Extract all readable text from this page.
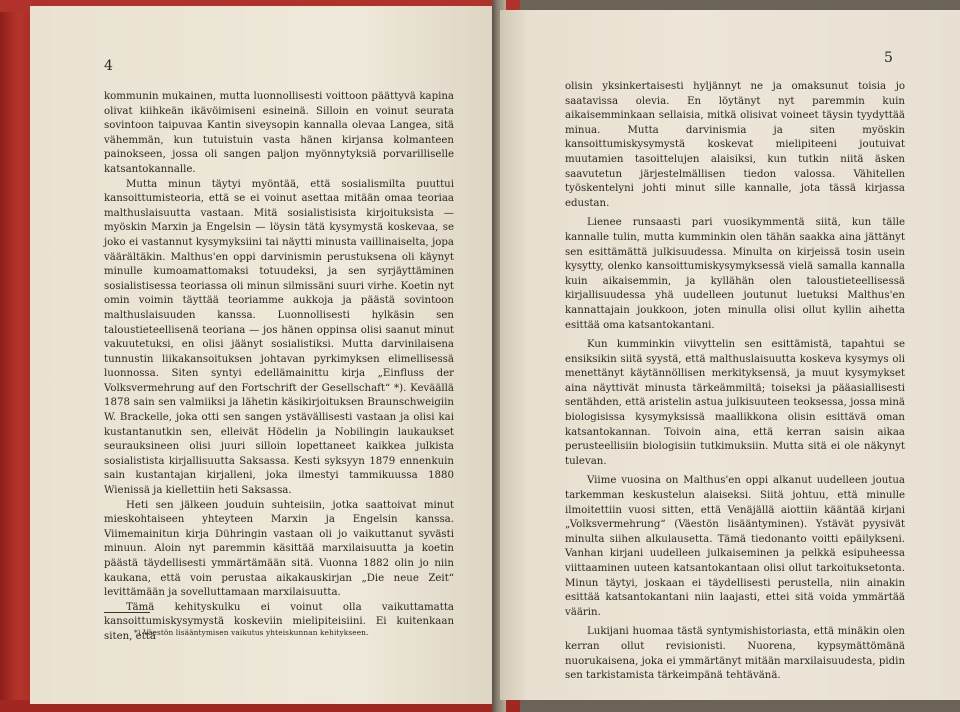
4

kommunin mukainen, mutta luonnollisesti voittoon päättyvä kapina olivat kiihkeän ikävöimiseni esineinä. Silloin en voinut seurata sovintoon taipuvaa Kantin siveysopin kannalla olevaa Langea, sitä vähemmän, kun tutuistuin vasta hänen kirjansa kolmanteen painokseen, jossa oli sangen paljon myönnytyksiä porvarilliselle katsantokannalle.

Mutta minun täytyi myöntää, että sosialismilta puuttui kansoittumisteoria, että se ei voinut asettaa mitään omaa teoriaa malthuslaisuutta vastaan. Mitä sosialistisista kirjoituksista — myöskin Marxin ja Engelsin — löysin tätä kysymystä koskevaa, se joko ei vastannut kysymyksiini tai näytti minusta vaillinaiselta, jopa väärältäkin. Malthus'en oppi darvinismin perustuksena oli käynyt minulle kumoamattomaksi totuudeksi, ja sen syrjäyttäminen sosialistisessa teoriassa oli minun silmissäni suuri virhe. Koetin nyt omin voimin täyttää teoriamme aukkoja ja päästä sovintoon malthuslaisuuden kanssa. Luonnollisesti hylkäsin sen taloustieteellisenä teoriana — jos hänen oppinsa olisi saanut minut vakuutetuksi, en olisi jäänyt sosialistiksi. Mutta darvinilaisena tunnustin liikakansoituksen johtavan pyrkimyksen elimellisessä luonnossa. Siten syntyi edellämainittu kirja „Einfluss der Volksvermehrung auf den Fortschrift der Gesellschaft“ *). Keväällä 1878 sain sen valmiiksi ja lähetin käsikirjoituksen Braunschweigiin W. Brackelle, joka otti sen sangen ystävällisesti vastaan ja olisi kai kustantanutkin sen, elleivät Hödelin ja Nobilingin laukaukset seurauksineen olisi juuri silloin lopettaneet kaikkea julkista sosialistista kirjallisuutta Saksassa. Kesti syksyyn 1879 ennenkuin sain kustantajan kirjalleni, joka ilmestyi tammikuussa 1880 Wienissä ja kiellettiin heti Saksassa.

Heti sen jälkeen jouduin suhteisiin, jotka saattoivat minut mieskohtaiseen yhteyteen Marxin ja Engelsin kanssa. Viimemainitun kirja Dühringin vastaan oli jo vaikuttanut syvästi minuun. Aloin nyt paremmin käsittää marxilaisuutta ja koetin päästä täydellisesti ymmärtämään sitä. Vuonna 1882 olin jo niin kaukana, että voin perustaa aikakauskirjan „Die neue Zeit“ levittämään ja sovelluttamaan marxilaisuutta.

Tämä kehityskulku ei voinut olla vaikuttamatta kansoittumiskysymystä koskeviin mielipiteisiini. Ei kuitenkaan siten, että

*) Väestön lisääntymisen vaikutus yhteiskunnan kehitykseen.
5

olisin yksinkertaisesti hyljännyt ne ja omaksunut toisia jo saatavissa olevia. En löytänyt nyt paremmin kuin aikaisemminkaan sellaisia, mitkä olisivat voineet täysin tyydyttää minua. Mutta darvinismia ja siten myöskin kansoittumiskysymystä koskevat mielipiteeni joutuivat muutamien tasoittelujen alaisiksi, kun tutkin niitä äsken saavutetun järjestelmällisen tiedon valossa. Vähitellen työskentelyni johti minut sille kannalle, jota tässä kirjassa edustan.

Lienee runsaasti pari vuosikymmentä siitä, kun tälle kannalle tulin, mutta kumminkin olen tähän saakka aina jättänyt sen esittämättä julkisuudessa. Minulta on kirjeissä tosin usein kysytty, olenko kansoittumiskysymyksessä vielä samalla kannalla kuin aikaisemmin, ja kyllähän olen taloustieteellisessä kirjallisuudessa yhä uudelleen joutunut luetuksi Malthus'en kannattajain joukkoon, joten minulla olisi ollut kyllin aihetta esittää oma katsantokantani.

Kun kumminkin viivyttelin sen esittämistä, tapahtui se ensiksikin siitä syystä, että malthuslaisuutta koskeva kysymys oli menettänyt käytännöllisen merkityksensä, ja muut kysymykset aina näyttivät minusta tärkeämmiltä; toiseksi ja pääasiallisesti sentähden, että aristelin astua julkisuuteen teoksessa, jossa minä biologisissa kysymyksissä maallikkona olisin esittävä oman katsantokannan. Toivoin aina, että kerran saisin aikaa perusteellisiin biologisiin tutkimuksiin. Mutta sitä ei ole näkynyt tulevan.

Viime vuosina on Malthus'en oppi alkanut uudelleen joutua tarkemman keskustelun alaiseksi. Siitä johtuu, että minulle ilmoitettiin vuosi sitten, että Venäjällä aiottiin kääntää kirjani „Volksvermehrung“ (Väestön lisääntyminen). Ystävät pyysivät minulta siihen alkulausetta. Tämä tiedonanto voitti epäilykseni. Vanhan kirjani uudelleen julkaiseminen ja pelkkä esipuheessa viittaaminen uuteen katsantokantaan olisi ollut tarkoituksetonta. Minun täytyi, joskaan ei täydellisesti perustella, niin ainakin esittää katsantokantani niin laajasti, ettei sitä voida ymmärtää väärin.

Lukijani huomaa tästä syntymishistoriasta, että minäkin olen kerran ollut revisionisti. Nuorena, kypsymättömänä nuorukaisena, joka ei ymmärtänyt mitään marxilaisuudesta, pidin sen tarkistamista tärkeimpänä tehtävänä.
